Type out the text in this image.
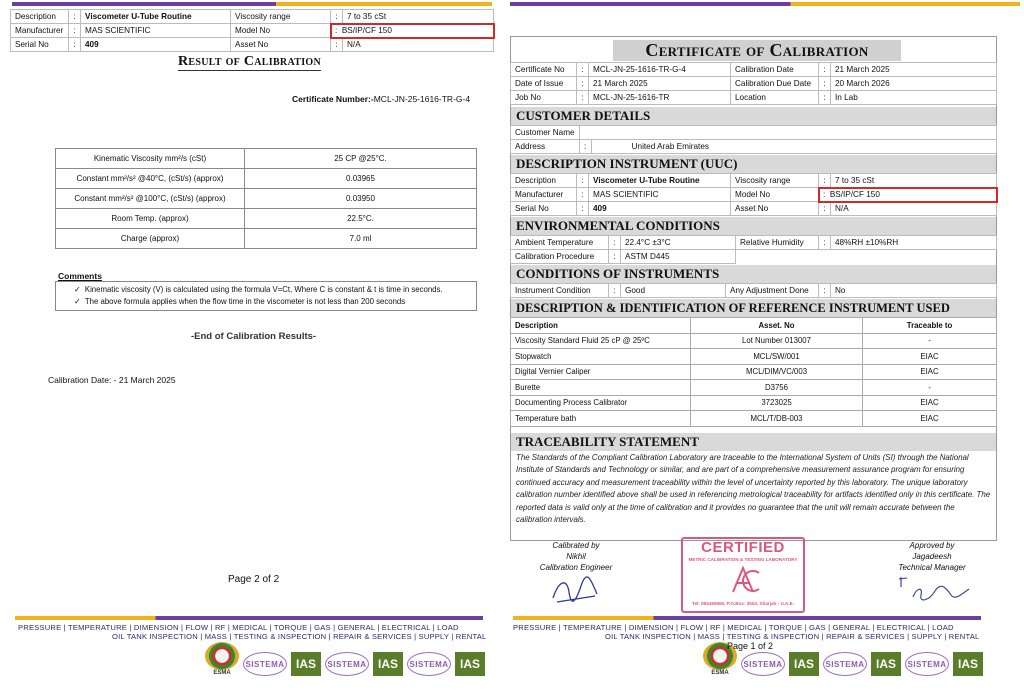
Description	:	Viscometer U-Tube Routine	Viscosity range	:	7 to 35 cSt
Manufacturer	:	MAS SCIENTIFIC	Model No	:  BS/IP/CF 150	
Serial No	:	409	Asset No	:	N/A
Result of Calibration
Certificate Number:-MCL-JN-25-1616-TR-G-4
Kinematic Viscosity mm²/s (cSt)	25 CP @25°C.
Constant mm²/s² @40°C, (cSt/s) (approx)	0.03965
Constant mm²/s² @100°C, (cSt/s) (approx)	0.03950
Room Temp. (approx)	22.5°C.
Charge (approx)	7.0 ml
Comments
✓  Kinematic viscosity (V) is calculated using the formula V=Ct, Where C is constant & t is time in seconds.
✓  The above formula applies when the flow time in the viscometer is not less than 200 seconds
-End of Calibration Results-
Calibration Date: - 21 March 2025
Page 2 of 2
PRESSURE | TEMPERATURE | DIMENSION | FLOW | RF | MEDICAL | TORQUE | GAS | GENERAL | ELECTRICAL | LOAD
OIL TANK INSPECTION | MASS | TESTING & INSPECTION | REPAIR & SERVICES | SUPPLY | RENTAL
ESMA
SISTEMA IAS	SISTEMA IAS	SISTEMA IAS
Certificate of Calibration
Certificate No	:	MCL-JN-25-1616-TR-G-4	Calibration Date	:	21 March 2025
Date of Issue	:	21 March 2025	Calibration Due Date	:	20 March 2026
Job No	:	MCL-JN-25-1616-TR	Location	:	In Lab
CUSTOMER DETAILS
Customer Name		
Address	:	United Arab Emirates
DESCRIPTION INSTRUMENT (UUC)
Description	:	Viscometer U-Tube Routine	Viscosity range	:	7 to 35 cSt
Manufacturer	:	MAS SCIENTIFIC	Model No	:  BS/IP/CF 150	
Serial No	:	409	Asset No	:	N/A
ENVIRONMENTAL CONDITIONS
Ambient Temperature	:	22.4°C ±3°C	Relative Humidity	:	48%RH ±10%RH
Calibration Procedure	:	ASTM D445			
CONDITIONS OF INSTRUMENTS
Instrument Condition	:	Good	Any Adjustment Done	:	No
DESCRIPTION & IDENTIFICATION OF REFERENCE INSTRUMENT USED
Description	Asset. No	Traceable to
Viscosity Standard Fluid 25 cP @ 25ºC	Lot Number 013007	-
Stopwatch	MCL/SW/001	EIAC
Digital Vernier Caliper	MCL/DIM/VC/003	EIAC
Burette	D3756	-
Documenting Process Calibrator	3723025	EIAC
Temperature bath	MCL/T/DB-003	EIAC
TRACEABILITY STATEMENT
The Standards of the Compliant Calibration Laboratory are traceable to the International System of Units (SI) through the National Institute of Standards and Technology or similar, and are part of a comprehensive measurement assurance program for ensuring continued accuracy and measurement traceability within the level of uncertainty reported by this laboratory. The unique laboratory calibration number identified above shall be used in referencing metrological traceability for artifacts identified only in this certificate. The reported data is valid only at the time of calibration and it provides no guarantee that the unit will remain accurate between the calibration intervals.
Calibrated by
Nikhil
Calibration Engineer
CERTIFIED
METRIC CALIBRATION & TESTING LABORATORY
Tel: 065455550, P.O.Box: 3504, Sharjah - U.A.E.
Approved by
Jagadeesh
Technical Manager
PRESSURE | TEMPERATURE | DIMENSION | FLOW | RF | MEDICAL | TORQUE | GAS | GENERAL | ELECTRICAL | LOAD
OIL TANK INSPECTION | MASS | TESTING & INSPECTION | REPAIR & SERVICES | SUPPLY | RENTAL
Page 1 of 2
ESMA
SISTEMA IAS	SISTEMA IAS	SISTEMA IAS
